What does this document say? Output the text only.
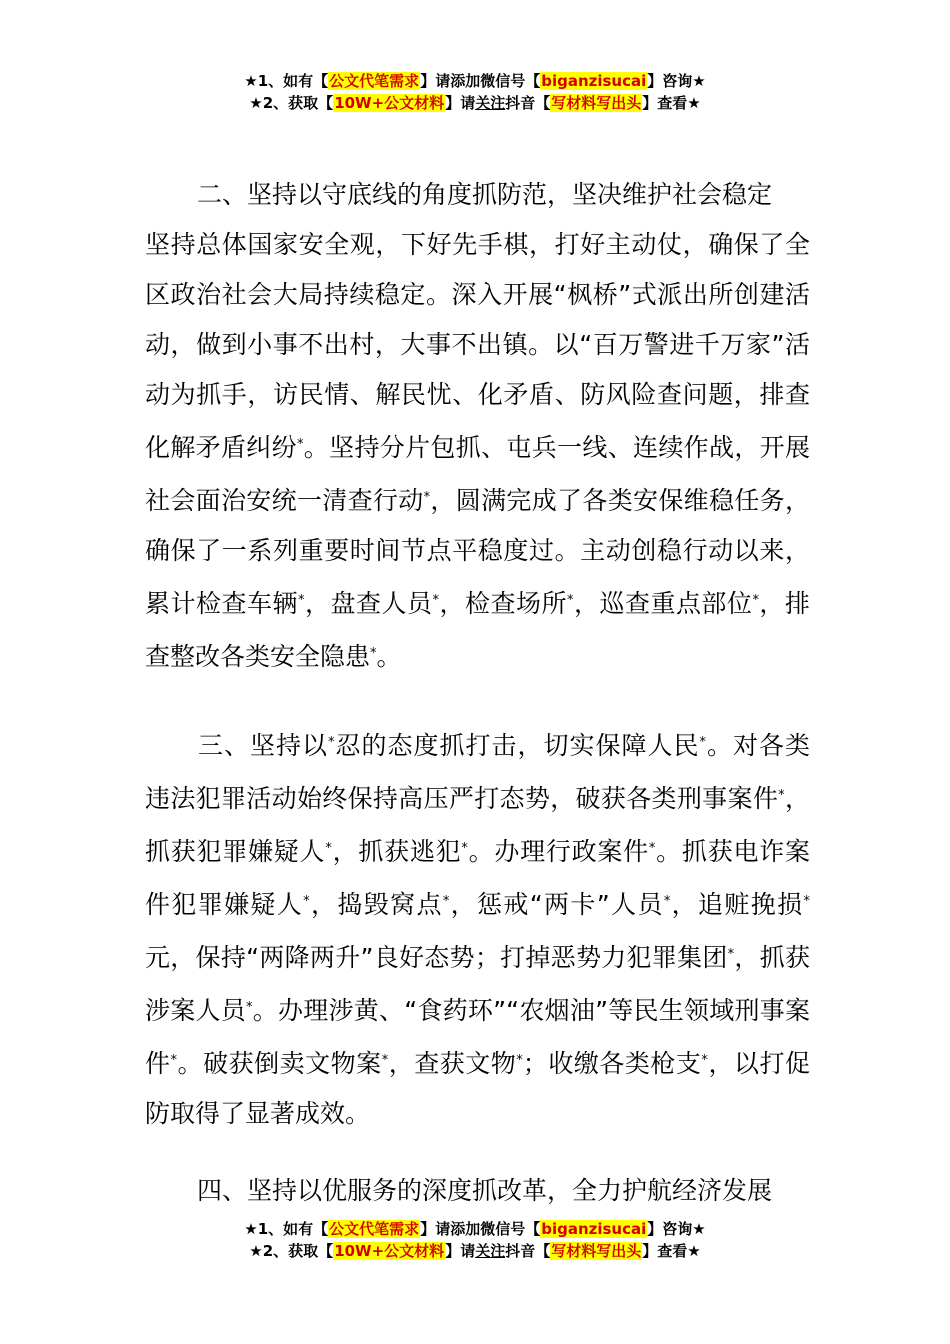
★1、如有【公文代笔需求】请添加微信号【biganzisucai】咨询★
★2、获取【10W+公文材料】请关注抖音【写材料写出头】查看★

二、坚持以守底线的角度抓防范，坚决维护社会稳定

坚持总体国家安全观，下好先手棋，打好主动仗，确保了全区政治社会大局持续稳定。深入开展“枫桥”式派出所创建活动，做到小事不出村，大事不出镇。以“百万警进千万家”活动为抓手，访民情、解民忧、化矛盾、防风险查问题，排查化解矛盾纠纷*。坚持分片包抓、屯兵一线、连续作战，开展社会面治安统一清查行动*，圆满完成了各类安保维稳任务，确保了一系列重要时间节点平稳度过。主动创稳行动以来，累计检查车辆*，盘查人员*，检查场所*，巡查重点部位*，排查整改各类安全隐患*。

三、坚持以*忍的态度抓打击，切实保障人民*。对各类违法犯罪活动始终保持高压严打态势，破获各类刑事案件*，抓获犯罪嫌疑人*，抓获逃犯*。办理行政案件*。抓获电诈案件犯罪嫌疑人*，捣毁窝点*，惩戒“两卡”人员*，追赃挽损*元，保持“两降两升”良好态势；打掉恶势力犯罪集团*，抓获涉案人员*。办理涉黄、“食药环”“农烟油”等民生领域刑事案件*。破获倒卖文物案*，查获文物*；收缴各类枪支*，以打促防取得了显著成效。

四、坚持以优服务的深度抓改革，全力护航经济发展

★1、如有【公文代笔需求】请添加微信号【biganzisucai】咨询★
★2、获取【10W+公文材料】请关注抖音【写材料写出头】查看★
